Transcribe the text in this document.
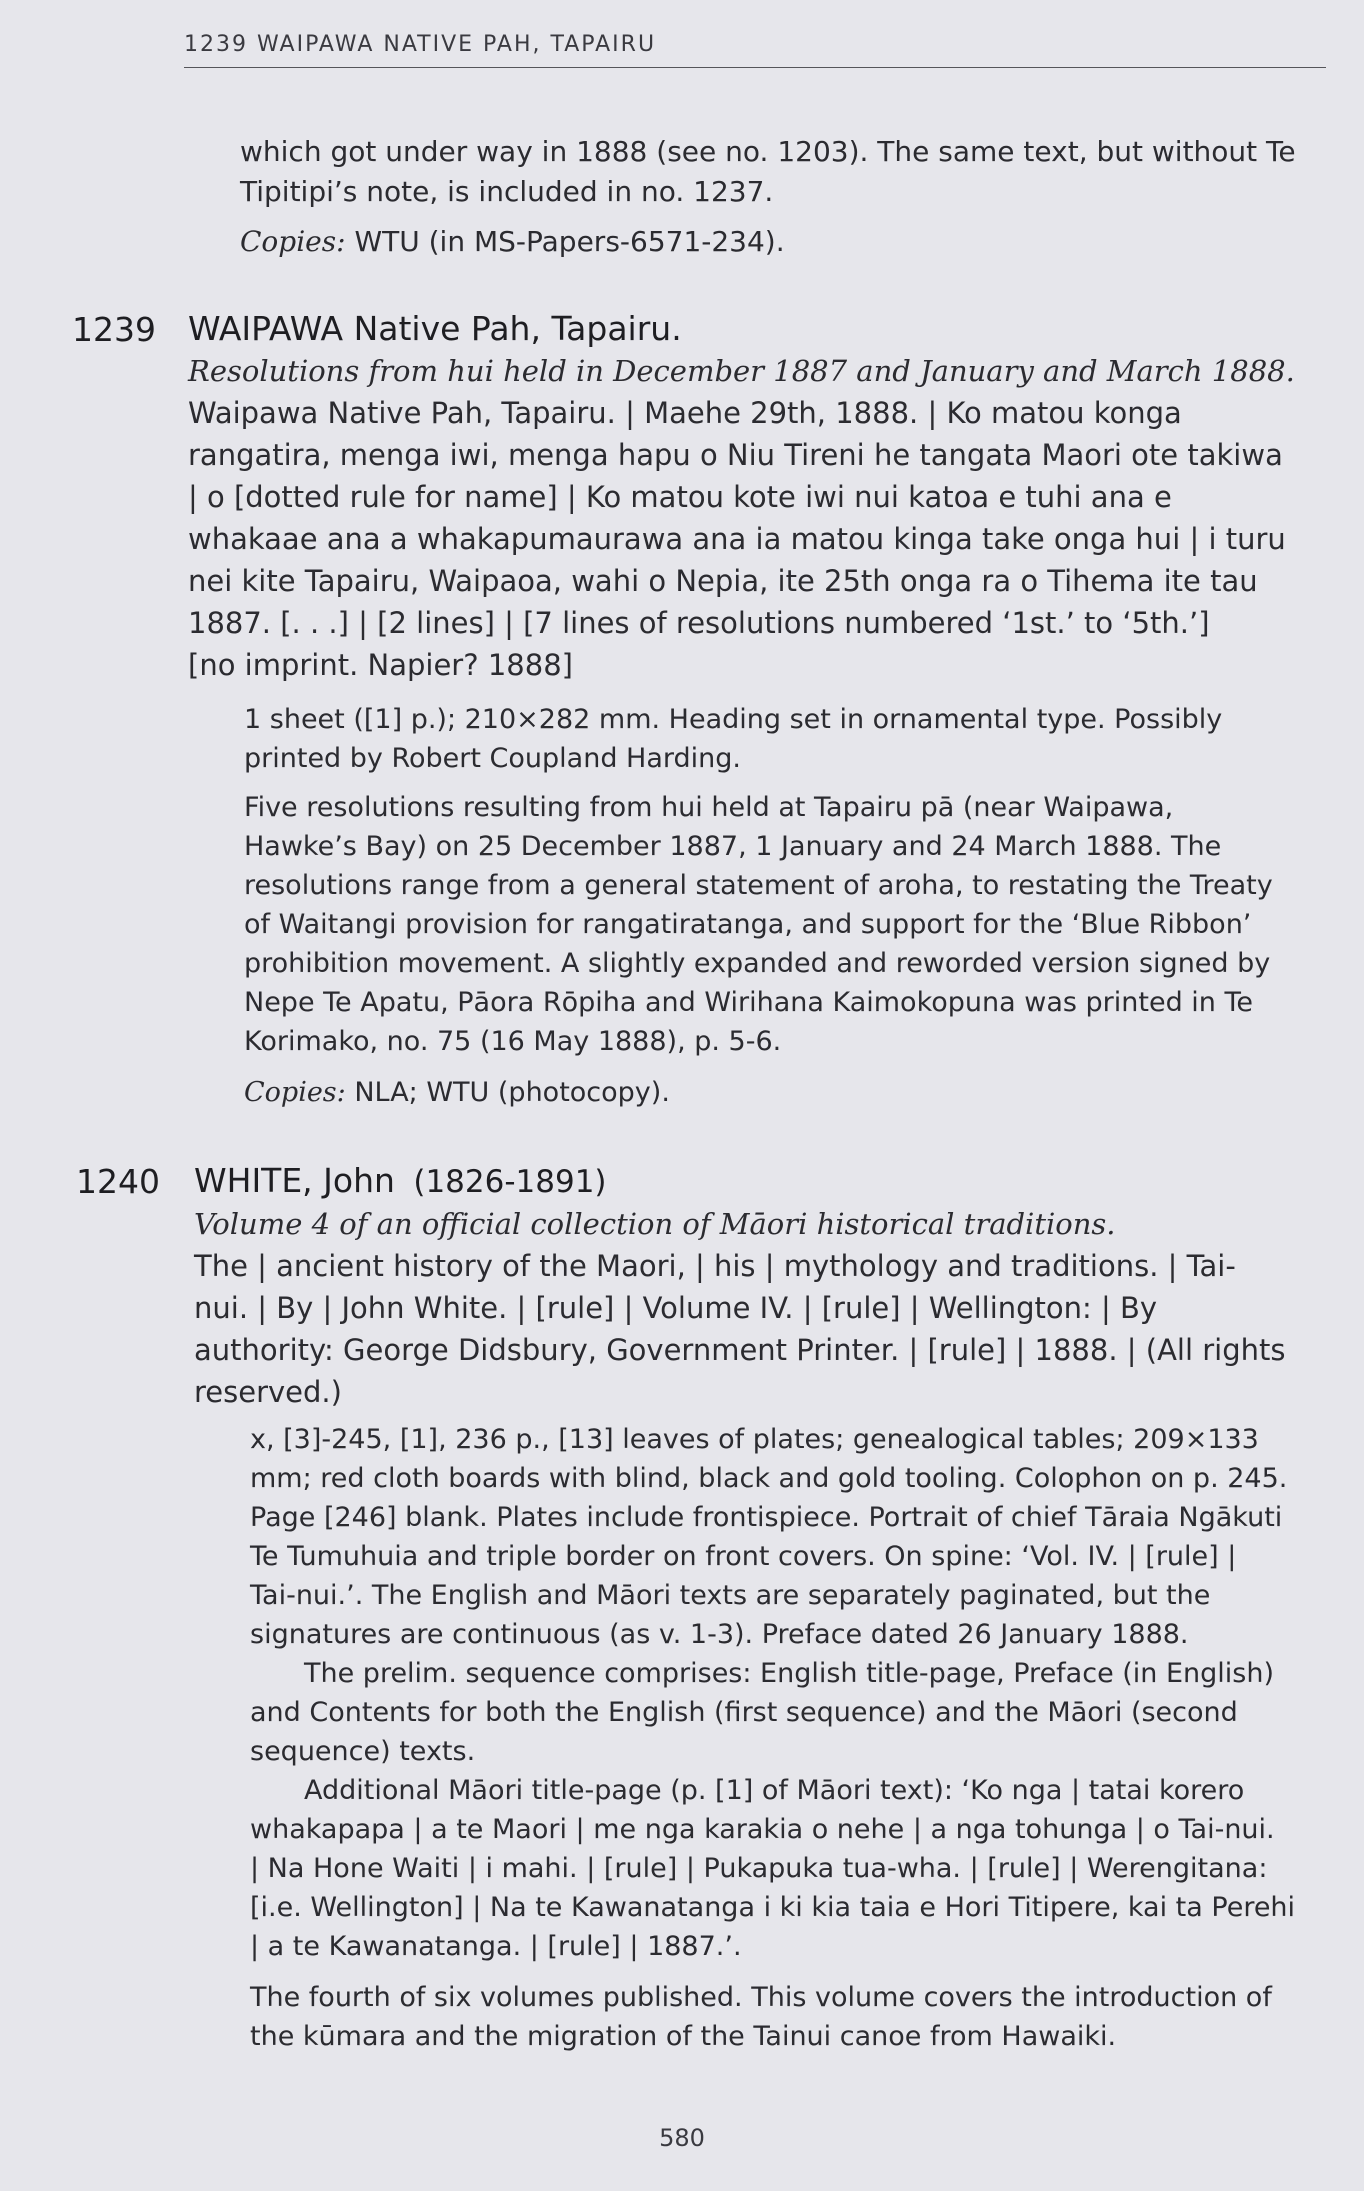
1239 WAIPAWA NATIVE PAH, TAPAIRU

which got under way in 1888 (see no. 1203). The same text, but without Te

Tipitipi’s note, is included in no. 1237.

Copies: WTU (in MS-Papers-6571-234).

1239 WAIPAWA Native Pah, Tapairu.

Resolutions from hui held in December 1887 and January and March 1888.

Waipawa Native Pah, Tapairu. | Maehe 29th, 1888. | Ko matou konga

rangatira, menga iwi, menga hapu o Niu Tireni he tangata Maori ote takiwa

| o [dotted rule for name] | Ko matou kote iwi nui katoa e tuhi ana e

whakaae ana a whakapumaurawa ana ia matou kinga take onga hui | i turu

nei kite Tapairu, Waipaoa, wahi o Nepia, ite 25th onga ra o Tihema ite tau

1887. [. . .] | [2 lines] | [7 lines of resolutions numbered ‘1st.’ to ‘5th.’]

[no imprint. Napier? 1888]

1 sheet ([1] p.); 210×282 mm. Heading set in ornamental type. Possibly

printed by Robert Coupland Harding.

Five resolutions resulting from hui held at Tapairu pā (near Waipawa,

Hawke’s Bay) on 25 December 1887, 1 January and 24 March 1888. The

resolutions range from a general statement of aroha, to restating the Treaty

of Waitangi provision for rangatiratanga, and support for the ‘Blue Ribbon’

prohibition movement. A slightly expanded and reworded version signed by

Nepe Te Apatu, Pāora Rōpiha and Wirihana Kaimokopuna was printed in Te

Korimako, no. 75 (16 May 1888), p. 5-6.

Copies: NLA; WTU (photocopy).

1240 WHITE, John (1826-1891)

Volume 4 of an official collection of Māori historical traditions.

The | ancient history of the Maori, | his | mythology and traditions. | Tai-

nui. | By | John White. | [rule] | Volume IV. | [rule] | Wellington: | By

authority: George Didsbury, Government Printer. | [rule] | 1888. | (All rights

reserved.)

x, [3]-245, [1], 236 p., [13] leaves of plates; genealogical tables; 209×133

mm; red cloth boards with blind, black and gold tooling. Colophon on p. 245.

Page [246] blank. Plates include frontispiece. Portrait of chief Tāraia Ngākuti

Te Tumuhuia and triple border on front covers. On spine: ‘Vol. IV. | [rule] |

Tai-nui.’. The English and Māori texts are separately paginated, but the

signatures are continuous (as v. 1-3). Preface dated 26 January 1888.

The prelim. sequence comprises: English title-page, Preface (in English)

and Contents for both the English (first sequence) and the Māori (second

sequence) texts.

Additional Māori title-page (p. [1] of Māori text): ‘Ko nga | tatai korero

whakapapa | a te Maori | me nga karakia o nehe | a nga tohunga | o Tai-nui.

| Na Hone Waiti | i mahi. | [rule] | Pukapuka tua-wha. | [rule] | Werengitana:

[i.e. Wellington] | Na te Kawanatanga i ki kia taia e Hori Titipere, kai ta Perehi

| a te Kawanatanga. | [rule] | 1887.’.

The fourth of six volumes published. This volume covers the introduction of

the kūmara and the migration of the Tainui canoe from Hawaiki.

580
